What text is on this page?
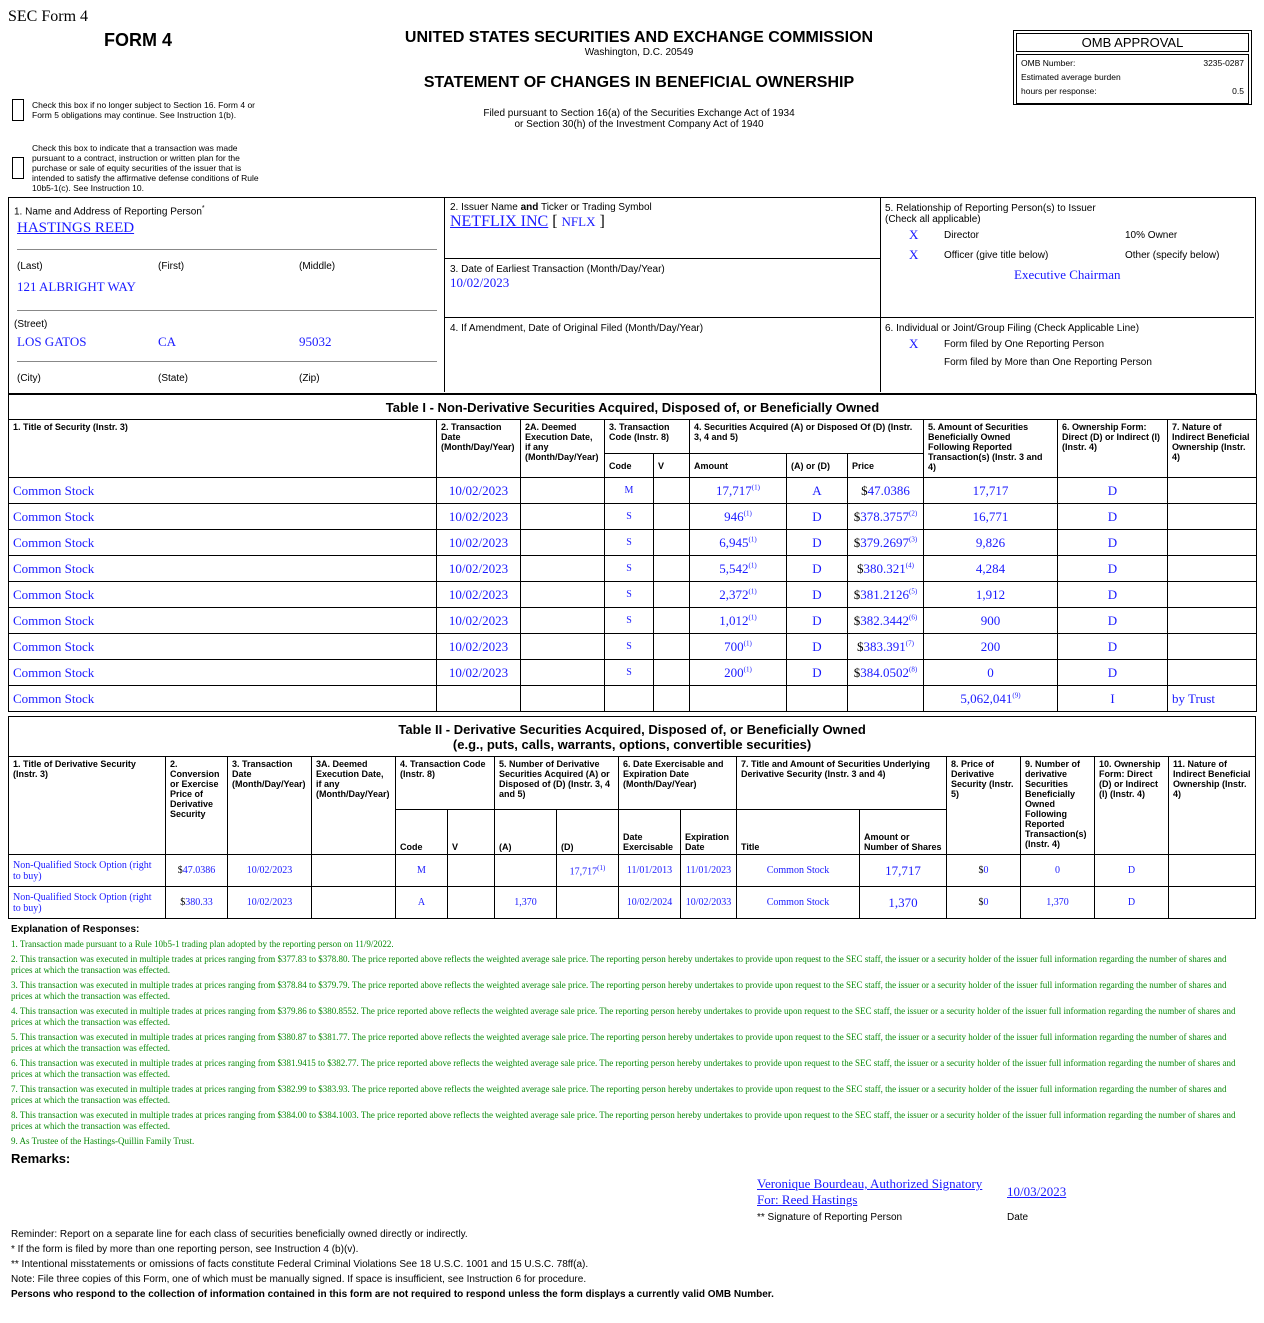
SEC Form 4
FORM 4	UNITED STATES SECURITIES AND EXCHANGE COMMISSION
Washington, D.C. 20549
STATEMENT OF CHANGES IN BENEFICIAL OWNERSHIP
Filed pursuant to Section 16(a) of the Securities Exchange Act of 1934
or Section 30(h) of the Investment Company Act of 1940
Check this box if no longer subject to Section 16. Form 4 or Form 5 obligations may continue. See Instruction 1(b).
Check this box to indicate that a transaction was made pursuant to a contract, instruction or written plan for the purchase or sale of equity securities of the issuer that is intended to satisfy the affirmative defense conditions of Rule 10b5-1(c). See Instruction 10.
OMB APPROVAL
OMB Number:	3235-0287
Estimated average burden
hours per response:	0.5
1. Name and Address of Reporting Person*
HASTINGS REED
(Last)	(First)	(Middle)
121 ALBRIGHT WAY
(Street)
LOS GATOS	CA	95032
(City)	(State)	(Zip)
2. Issuer Name and Ticker or Trading Symbol
NETFLIX INC [ NFLX ]
3. Date of Earliest Transaction (Month/Day/Year)
10/02/2023
4. If Amendment, Date of Original Filed (Month/Day/Year)
5. Relationship of Reporting Person(s) to Issuer
(Check all applicable)
X	Director	10% Owner
X	Officer (give title below)	Other (specify below)
Executive Chairman
6. Individual or Joint/Group Filing (Check Applicable Line)
X	Form filed by One Reporting Person
Form filed by More than One Reporting Person
Table I - Non-Derivative Securities Acquired, Disposed of, or Beneficially Owned										
1. Title of Security (Instr. 3)	2. Transaction Date (Month/Day/Year)	2A. Deemed Execution Date, if any (Month/Day/Year)	3. Transaction Code (Instr. 8)		4. Securities Acquired (A) or Disposed Of (D) (Instr. 3, 4 and 5)			5. Amount of Securities Beneficially Owned Following Reported Transaction(s) (Instr. 3 and 4)	6. Ownership Form: Direct (D) or Indirect (I) (Instr. 4)	7. Nature of Indirect Beneficial Ownership (Instr. 4)
			Code	V	Amount	(A) or (D)	Price			
Common Stock	10/02/2023		M		17,717$^{(1)}$	A	$47.0386	17,717	D	
Common Stock	10/02/2023		S		946$^{(1)}$	D	$378.3757$^{(2)}$	16,771	D	
Common Stock	10/02/2023		S		6,945$^{(1)}$	D	$379.2697$^{(3)}$	9,826	D	
Common Stock	10/02/2023		S		5,542$^{(1)}$	D	$380.321$^{(4)}$	4,284	D	
Common Stock	10/02/2023		S		2,372$^{(1)}$	D	$381.2126$^{(5)}$	1,912	D	
Common Stock	10/02/2023		S		1,012$^{(1)}$	D	$382.3442$^{(6)}$	900	D	
Common Stock	10/02/2023		S		700$^{(1)}$	D	$383.391$^{(7)}$	200	D	
Common Stock	10/02/2023		S		200$^{(1)}$	D	$384.0502$^{(8)}$	0	D	
Common Stock								5,062,041$^{(9)}$	I	by Trust
Table II - Derivative Securities Acquired, Disposed of, or Beneficially Owned
(e.g., puts, calls, warrants, options, convertible securities)															

1. Title of Derivative Security (Instr. 3)	2. Conversion or Exercise Price of Derivative Security	3. Transaction Date (Month/Day/Year)	3A. Deemed Execution Date, if any (Month/Day/Year)	4. Transaction Code (Instr. 8)		5. Number of Derivative Securities Acquired (A) or Disposed of (D) (Instr. 3, 4 and 5)		6. Date Exercisable and Expiration Date (Month/Day/Year)		7. Title and Amount of Securities Underlying Derivative Security (Instr. 3 and 4)		8. Price of Derivative Security (Instr. 5)	9. Number of derivative Securities Beneficially Owned Following Reported Transaction(s) (Instr. 4)	10. Ownership Form: Direct (D) or Indirect (I) (Instr. 4)	11. Nature of Indirect Beneficial Ownership (Instr. 4)
				Code	V	(A)	(D)	Date Exercisable	Expiration Date	Title	Amount or Number of Shares				
Non-Qualified Stock Option (right to buy)	$47.0386	10/02/2023		M			17,717$^{(1)}$	11/01/2013	11/01/2023	Common Stock	17,717	$0	0	D	
Non-Qualified Stock Option (right to buy)	$380.33	10/02/2023		A		1,370		10/02/2024	10/02/2033	Common Stock	1,370	$0	1,370	D	
Explanation of Responses:
1. Transaction made pursuant to a Rule 10b5-1 trading plan adopted by the reporting person on 11/9/2022.
2. This transaction was executed in multiple trades at prices ranging from $377.83 to $378.80. The price reported above reflects the weighted average sale price. The reporting person hereby undertakes to provide upon request to the SEC staff, the issuer or a security holder of the issuer full information regarding the number of shares and prices at which the transaction was effected.
3. This transaction was executed in multiple trades at prices ranging from $378.84 to $379.79. The price reported above reflects the weighted average sale price. The reporting person hereby undertakes to provide upon request to the SEC staff, the issuer or a security holder of the issuer full information regarding the number of shares and prices at which the transaction was effected.
4. This transaction was executed in multiple trades at prices ranging from $379.86 to $380.8552. The price reported above reflects the weighted average sale price. The reporting person hereby undertakes to provide upon request to the SEC staff, the issuer or a security holder of the issuer full information regarding the number of shares and prices at which the transaction was effected.
5. This transaction was executed in multiple trades at prices ranging from $380.87 to $381.77. The price reported above reflects the weighted average sale price. The reporting person hereby undertakes to provide upon request to the SEC staff, the issuer or a security holder of the issuer full information regarding the number of shares and prices at which the transaction was effected.
6. This transaction was executed in multiple trades at prices ranging from $381.9415 to $382.77. The price reported above reflects the weighted average sale price. The reporting person hereby undertakes to provide upon request to the SEC staff, the issuer or a security holder of the issuer full information regarding the number of shares and prices at which the transaction was effected.
7. This transaction was executed in multiple trades at prices ranging from $382.99 to $383.93. The price reported above reflects the weighted average sale price. The reporting person hereby undertakes to provide upon request to the SEC staff, the issuer or a security holder of the issuer full information regarding the number of shares and prices at which the transaction was effected.
8. This transaction was executed in multiple trades at prices ranging from $384.00 to $384.1003. The price reported above reflects the weighted average sale price. The reporting person hereby undertakes to provide upon request to the SEC staff, the issuer or a security holder of the issuer full information regarding the number of shares and prices at which the transaction was effected.
9. As Trustee of the Hastings-Quillin Family Trust.
Remarks:
Veronique Bourdeau, Authorized Signatory
For: Reed Hastings
10/03/2023
** Signature of Reporting Person	Date
Reminder: Report on a separate line for each class of securities beneficially owned directly or indirectly.
* If the form is filed by more than one reporting person, see Instruction 4 (b)(v).
** Intentional misstatements or omissions of facts constitute Federal Criminal Violations See 18 U.S.C. 1001 and 15 U.S.C. 78ff(a).
Note: File three copies of this Form, one of which must be manually signed. If space is insufficient, see Instruction 6 for procedure.
Persons who respond to the collection of information contained in this form are not required to respond unless the form displays a currently valid OMB Number.
